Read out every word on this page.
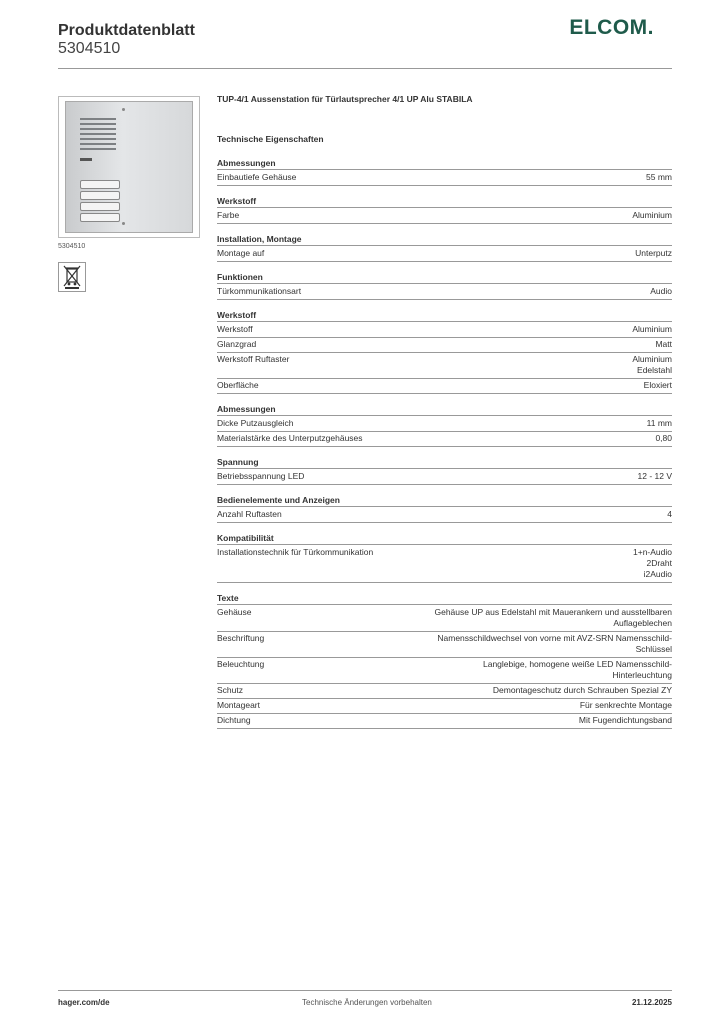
Produktdatenblatt
5304510
ELCOM.
5304510
TUP-4/1 Aussenstation für Türlautsprecher 4/1 UP Alu STABILA
Technische Eigenschaften
Abmessungen
Einbautiefe Gehäuse	55 mm
Werkstoff
Farbe	Aluminium
Installation, Montage
Montage auf	Unterputz
Funktionen
Türkommunikationsart	Audio
Werkstoff
Werkstoff	Aluminium
Glanzgrad	Matt
Werkstoff Ruftaster	Aluminium
Edelstahl
Oberfläche	Eloxiert
Abmessungen
Dicke Putzausgleich	11 mm
Materialstärke des Unterputzgehäuses	0,80
Spannung
Betriebsspannung LED	12 - 12 V
Bedienelemente und Anzeigen
Anzahl Ruftasten	4
Kompatibilität
Installationstechnik für Türkommunikation	1+n-Audio
2Draht
i2Audio
Texte
Gehäuse	Gehäuse UP aus Edelstahl mit Mauerankern und ausstellbaren
Auflageblechen
Beschriftung	Namensschildwechsel von vorne mit AVZ-SRN Namensschild-
Schlüssel
Beleuchtung	Langlebige, homogene weiße LED Namensschild-
Hinterleuchtung
Schutz	Demontageschutz durch Schrauben Spezial ZY
Montageart	Für senkrechte Montage
Dichtung	Mit Fugendichtungsband
hager.com/de	Technische Änderungen vorbehalten	21.12.2025
